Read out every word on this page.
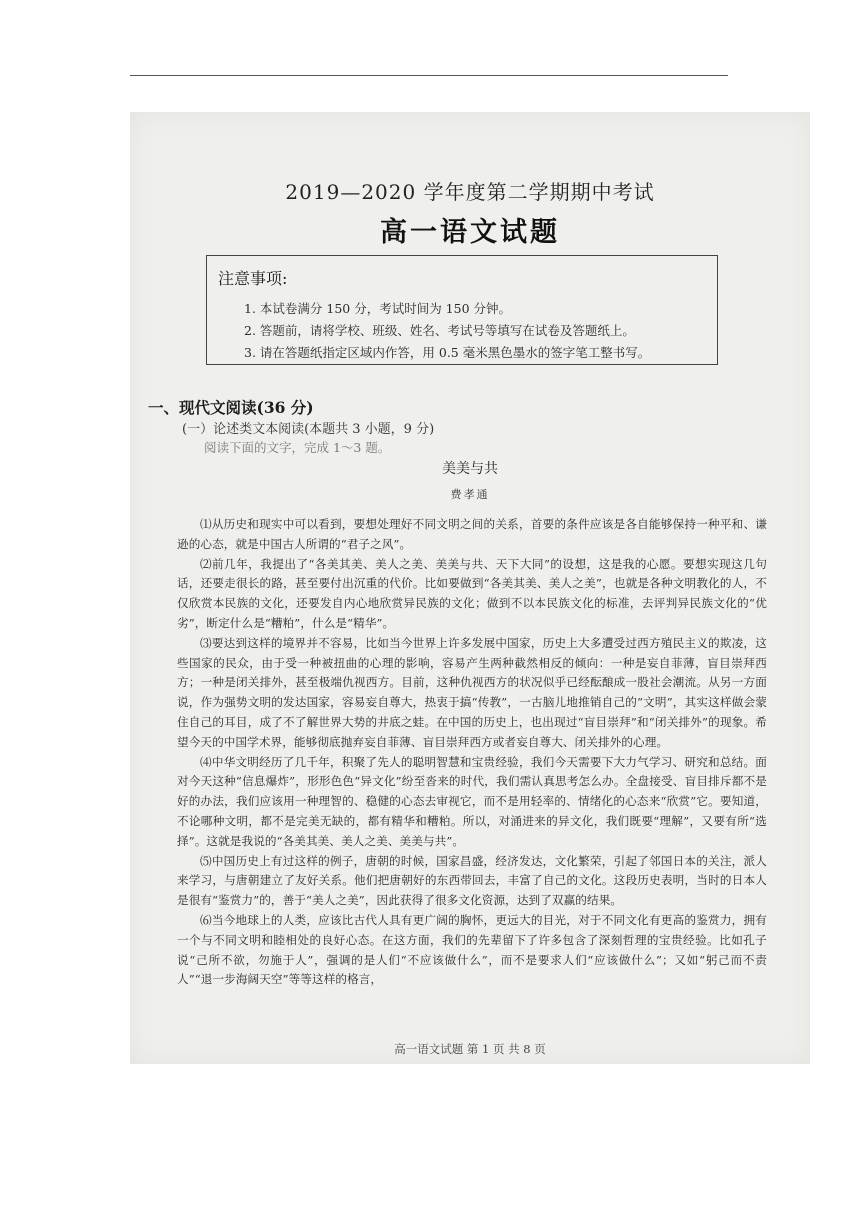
2019—2020 学年度第二学期期中考试
高一语文试题
注意事项:
1. 本试卷满分 150 分，考试时间为 150 分钟。
2. 答题前，请将学校、班级、姓名、考试号等填写在试卷及答题纸上。
3. 请在答题纸指定区域内作答，用 0.5 毫米黑色墨水的签字笔工整书写。
一、现代文阅读(36 分)
(一）论述类文本阅读(本题共 3 小题，9 分)
阅读下面的文字，完成 1～3 题。
美美与共
费孝通

⑴从历史和现实中可以看到，要想处理好不同文明之间的关系，首要的条件应该是各自能够保持一种平和、谦逊的心态，就是中国古人所谓的“君子之风”。

⑵前几年，我提出了“各美其美、美人之美、美美与共、天下大同”的设想，这是我的心愿。要想实现这几句话，还要走很长的路，甚至要付出沉重的代价。比如要做到“各美其美、美人之美”，也就是各种文明教化的人，不仅欣赏本民族的文化，还要发自内心地欣赏异民族的文化；做到不以本民族文化的标准，去评判异民族文化的“优劣”，断定什么是“糟粕”，什么是“精华”。

⑶要达到这样的境界并不容易，比如当今世界上许多发展中国家，历史上大多遭受过西方殖民主义的欺凌，这些国家的民众，由于受一种被扭曲的心理的影响，容易产生两种截然相反的倾向：一种是妄自菲薄，盲目崇拜西方；一种是闭关排外，甚至极端仇视西方。目前，这种仇视西方的状况似乎已经酝酿成一股社会潮流。从另一方面说，作为强势文明的发达国家，容易妄自尊大，热衷于搞“传教”，一古脑儿地推销自己的“文明”，其实这样做会蒙住自己的耳目，成了不了解世界大势的井底之蛙。在中国的历史上，也出现过“盲目崇拜”和“闭关排外”的现象。希望今天的中国学术界，能够彻底抛弃妄自菲薄、盲目崇拜西方或者妄自尊大、闭关排外的心理。

⑷中华文明经历了几千年，积聚了先人的聪明智慧和宝贵经验，我们今天需要下大力气学习、研究和总结。面对今天这种“信息爆炸”，形形色色“异文化”纷至沓来的时代，我们需认真思考怎么办。全盘接受、盲目排斥都不是好的办法，我们应该用一种理智的、稳健的心态去审视它，而不是用轻率的、情绪化的心态来“欣赏”它。要知道，不论哪种文明，都不是完美无缺的，都有精华和糟粕。所以，对涌进来的异文化，我们既要“理解”，又要有所“选择”。这就是我说的“各美其美、美人之美、美美与共”。

⑸中国历史上有过这样的例子，唐朝的时候，国家昌盛，经济发达，文化繁荣，引起了邻国日本的关注，派人来学习，与唐朝建立了友好关系。他们把唐朝好的东西带回去，丰富了自己的文化。这段历史表明，当时的日本人是很有“鉴赏力”的，善于“美人之美”，因此获得了很多文化资源，达到了双赢的结果。

⑹当今地球上的人类，应该比古代人具有更广阔的胸怀，更远大的目光，对于不同文化有更高的鉴赏力，拥有一个与不同文明和睦相处的良好心态。在这方面，我们的先辈留下了许多包含了深刻哲理的宝贵经验。比如孔子说“己所不欲，勿施于人”，强调的是人们“不应该做什么”，而不是要求人们“应该做什么”；又如“躬己而不责人”“退一步海阔天空”等等这样的格言，

高一语文试题 第 1 页 共 8 页
